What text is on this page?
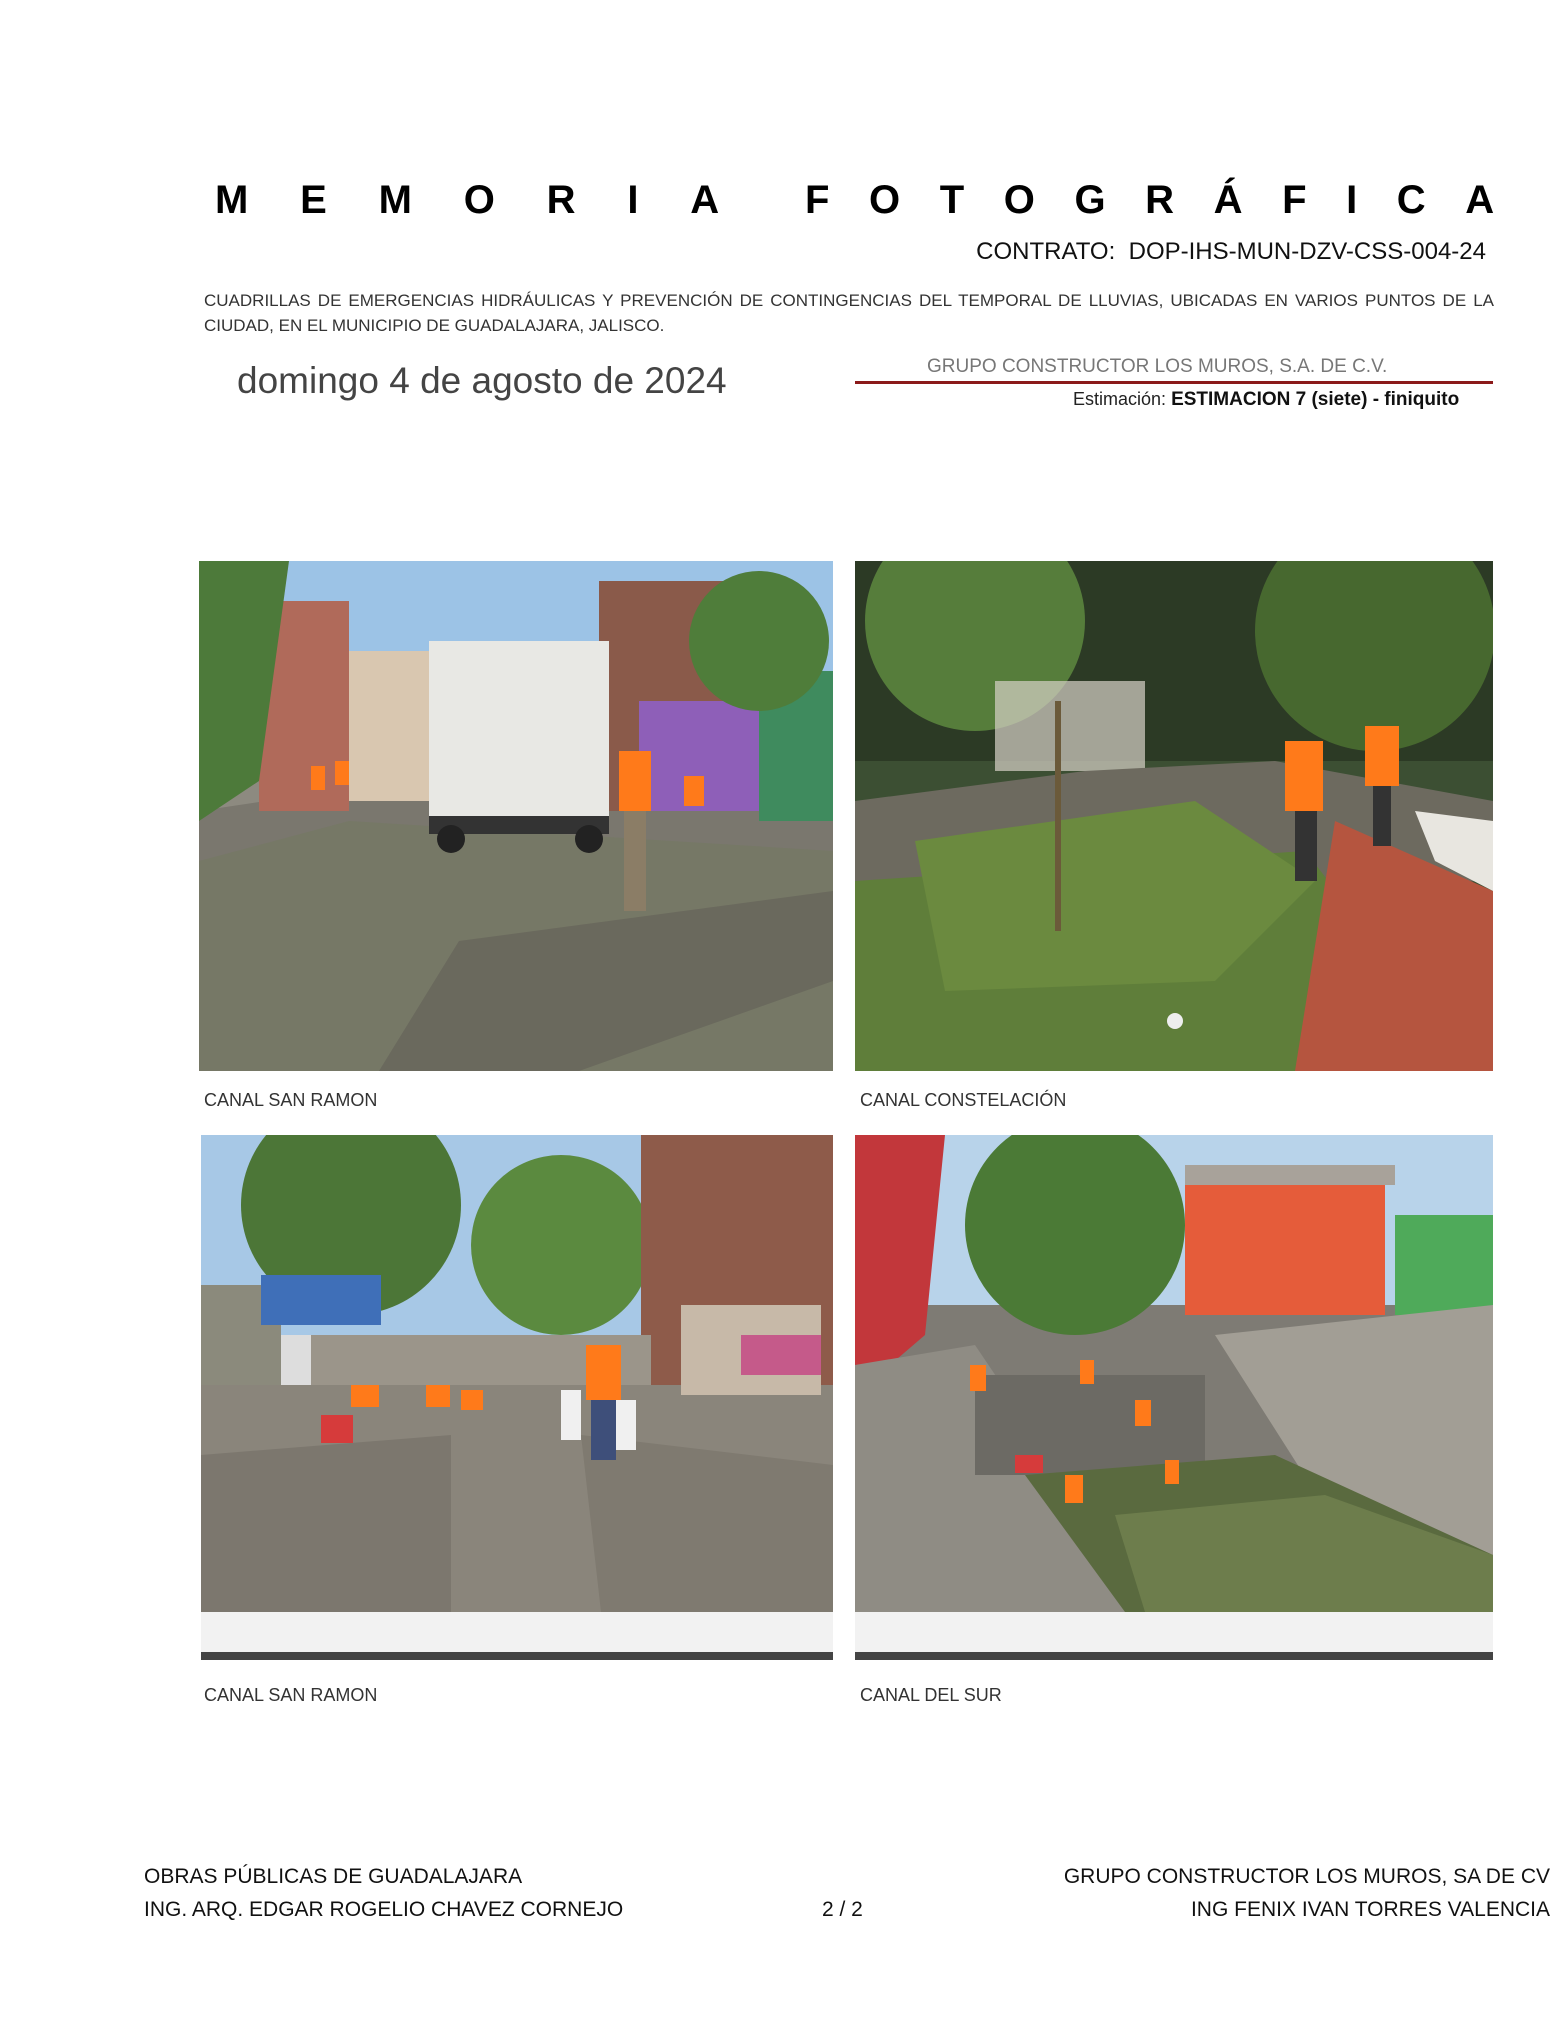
M E M O R I A F O T O G R Á F I C A
CONTRATO: DOP-IHS-MUN-DZV-CSS-004-24
CUADRILLAS DE EMERGENCIAS HIDRÁULICAS Y PREVENCIÓN DE CONTINGENCIAS DEL TEMPORAL DE LLUVIAS, UBICADAS EN VARIOS PUNTOS DE LA CIUDAD, EN EL MUNICIPIO DE GUADALAJARA, JALISCO.
domingo 4 de agosto de 2024	GRUPO CONSTRUCTOR LOS MUROS, S.A. DE C.V.
Estimación: ESTIMACION 7 (siete) - finiquito
CANAL SAN RAMON	CANAL CONSTELACIÓN
CANAL SAN RAMON	CANAL DEL SUR
OBRAS PÚBLICAS DE GUADALAJARA
ING. ARQ. EDGAR ROGELIO CHAVEZ CORNEJO	2 / 2
GRUPO CONSTRUCTOR LOS MUROS, SA DE CV
ING FENIX IVAN TORRES VALENCIA
